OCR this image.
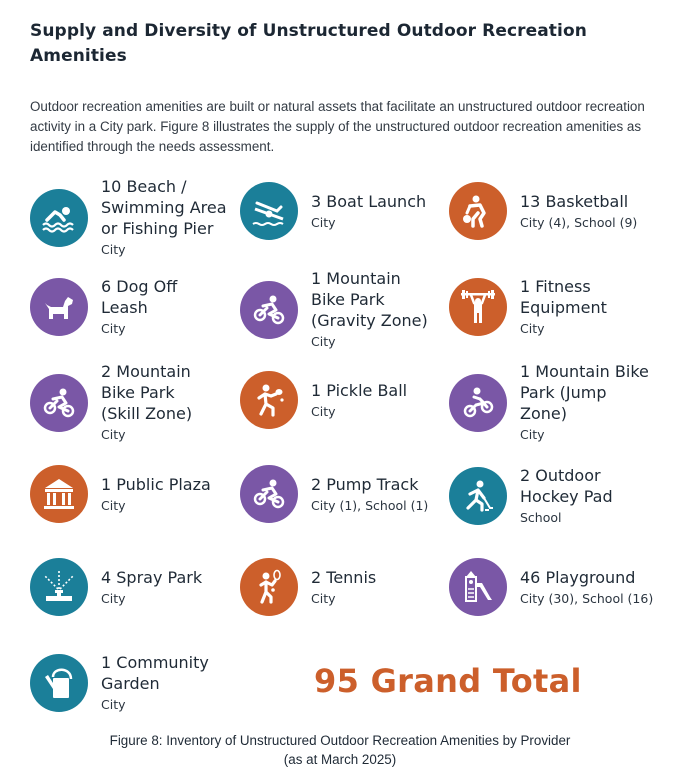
Supply and Diversity of Unstructured Outdoor Recreation Amenities
Outdoor recreation amenities are built or natural assets that facilitate an unstructured outdoor recreation activity in a City park. Figure 8 illustrates the supply of the unstructured outdoor recreation amenities as identified through the needs assessment.
10 Beach /
Swimming Area
or Fishing Pier
City
3 Boat Launch
City
13 Basketball
City (4), School (9)
6 Dog Off
Leash
City
1 Mountain
Bike Park
(Gravity Zone)
City
1 Fitness
Equipment
City
2 Mountain
Bike Park
(Skill Zone)
City
1 Pickle Ball
City
1 Mountain Bike
Park (Jump
Zone)
City
1 Public Plaza
City
2 Pump Track
City (1), School (1)
2 Outdoor
Hockey Pad
School
4 Spray Park
City
2 Tennis
City
46 Playground
City (30), School (16)
1 Community
Garden
City
95 Grand Total
Figure 8: Inventory of Unstructured Outdoor Recreation Amenities by Provider
(as at March 2025)
